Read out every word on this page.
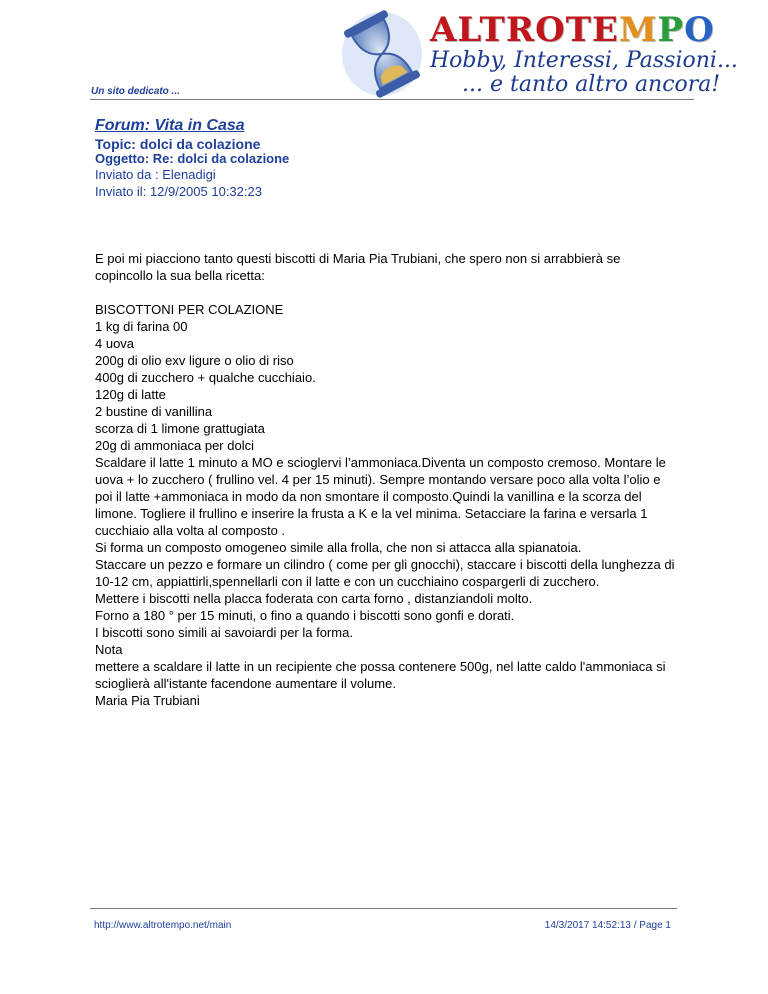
Un sito dedicato ...
ALTROTEMPO
Hobby, Interessi, Passioni...
... e tanto altro ancora!
Forum: Vita in Casa
Topic: dolci da colazione
Oggetto: Re: dolci da colazione
Inviato da : Elenadigi
Inviato il: 12/9/2005 10:32:23
E poi mi piacciono tanto questi biscotti di Maria Pia Trubiani, che spero non si arrabbierà se
copincollo la sua bella ricetta:
BISCOTTONI PER COLAZIONE
1 kg di farina 00
4 uova
200g di olio exv ligure o olio di riso
400g di zucchero + qualche cucchiaio.
120g di latte
2 bustine di vanillina
scorza di 1 limone grattugiata
20g di ammoniaca per dolci
Scaldare il latte 1 minuto a MO e scioglervi l’ammoniaca.Diventa un composto cremoso. Montare le
uova + lo zucchero ( frullino vel. 4 per 15 minuti). Sempre montando versare poco alla volta l’olio e
poi il latte +ammoniaca in modo da non smontare il composto.Quindi la vanillina e la scorza del
limone. Togliere il frullino e inserire la frusta a K e la vel minima. Setacciare la farina e versarla 1
cucchiaio alla volta al composto .
Si forma un composto omogeneo simile alla frolla, che non si attacca alla spianatoia.
Staccare un pezzo e formare un cilindro ( come per gli gnocchi), staccare i biscotti della lunghezza di
10-12 cm, appiattirli,spennellarli con il latte e con un cucchiaino cospargerli di zucchero.
Mettere i biscotti nella placca foderata con carta forno , distanziandoli molto.
Forno a 180 ° per 15 minuti, o fino a quando i biscotti sono gonfi e dorati.
I biscotti sono simili ai savoiardi per la forma.
Nota
mettere a scaldare il latte in un recipiente che possa contenere 500g, nel latte caldo l'ammoniaca si
scioglierà all'istante facendone aumentare il volume.
Maria Pia Trubiani
http://www.altrotempo.net/main	14/3/2017 14:52:13 / Page 1
